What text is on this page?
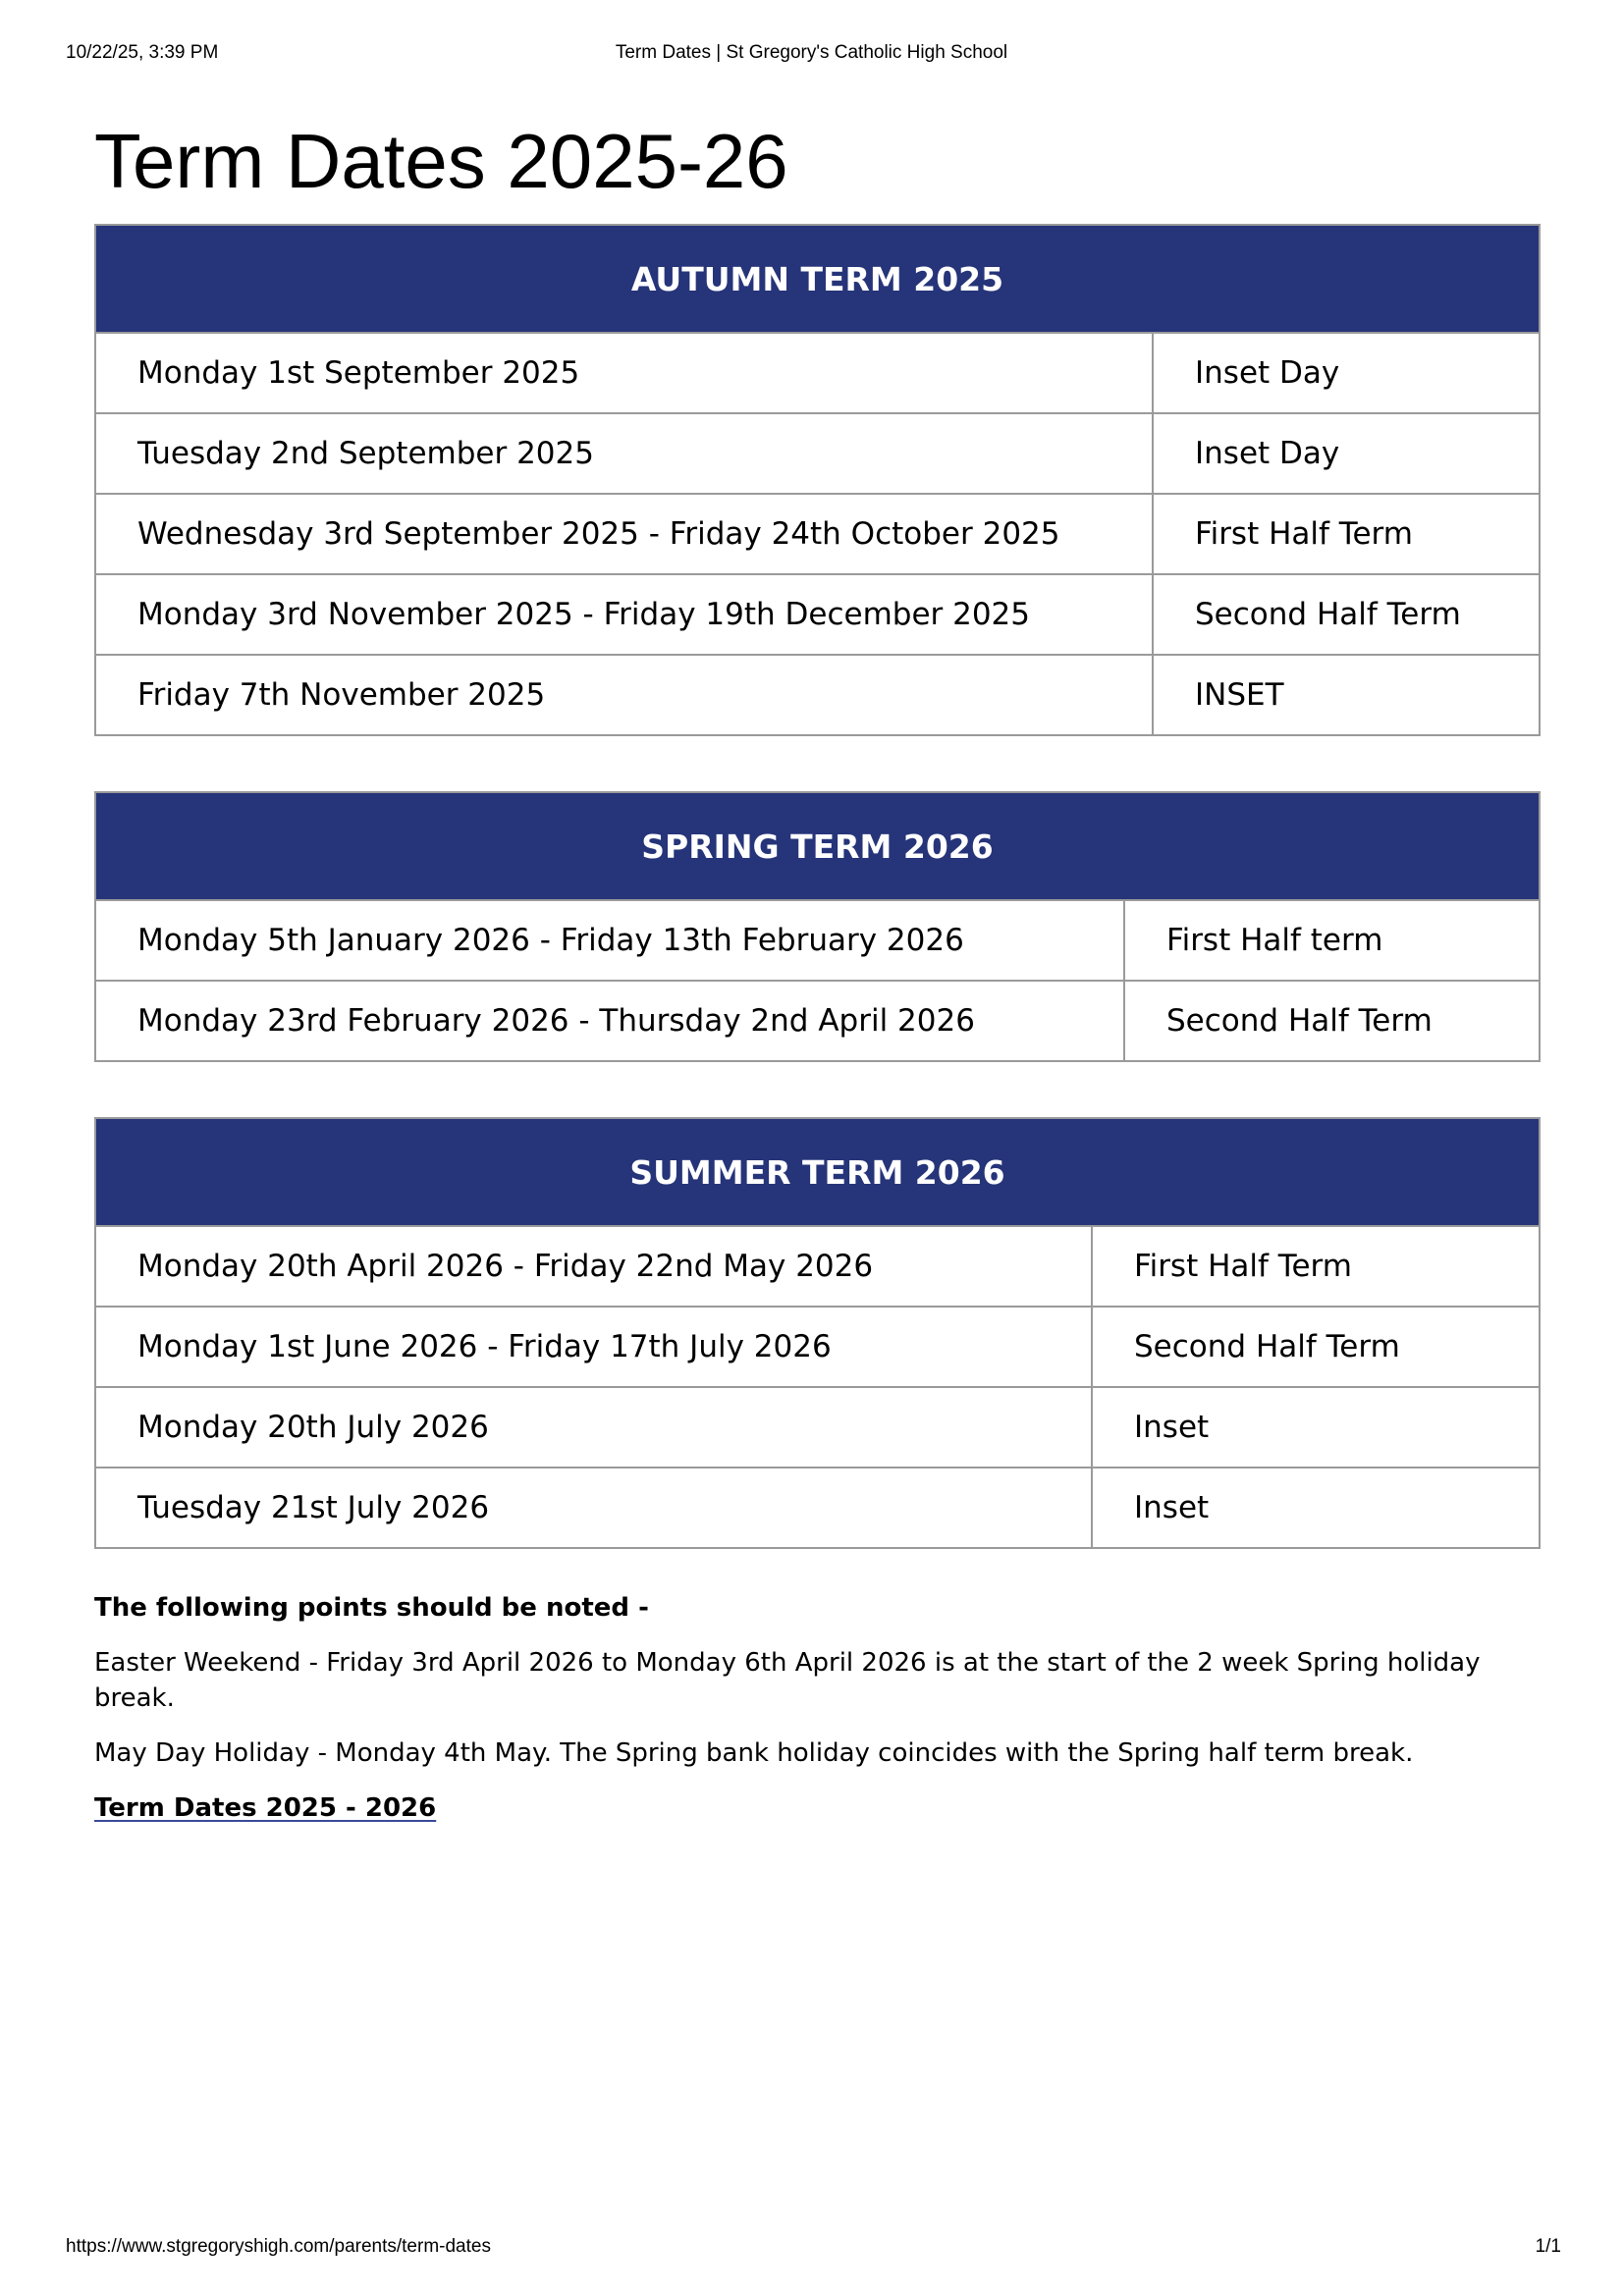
10/22/25, 3:39 PM	Term Dates | St Gregory's Catholic High School
Term Dates 2025-26
AUTUMN TERM 2025	
Monday 1st September 2025	Inset Day
Tuesday 2nd September 2025	Inset Day
Wednesday 3rd September 2025 - Friday 24th October 2025	First Half Term
Monday 3rd November 2025 - Friday 19th December 2025	Second Half Term
Friday 7th November 2025	INSET
SPRING TERM 2026	
Monday 5th January 2026 - Friday 13th February 2026	First Half term
Monday 23rd February 2026 - Thursday 2nd April 2026	Second Half Term
SUMMER TERM 2026	
Monday 20th April 2026 - Friday 22nd May 2026	First Half Term
Monday 1st June 2026 - Friday 17th July 2026	Second Half Term
Monday 20th July 2026	Inset
Tuesday 21st July 2026	Inset

The following points should be noted -

Easter Weekend - Friday 3rd April 2026 to Monday 6th April 2026 is at the start of the 2 week Spring holiday break.

May Day Holiday - Monday 4th May. The Spring bank holiday coincides with the Spring half term break.

Term Dates 2025 - 2026

https://www.stgregoryshigh.com/parents/term-dates	1/1
